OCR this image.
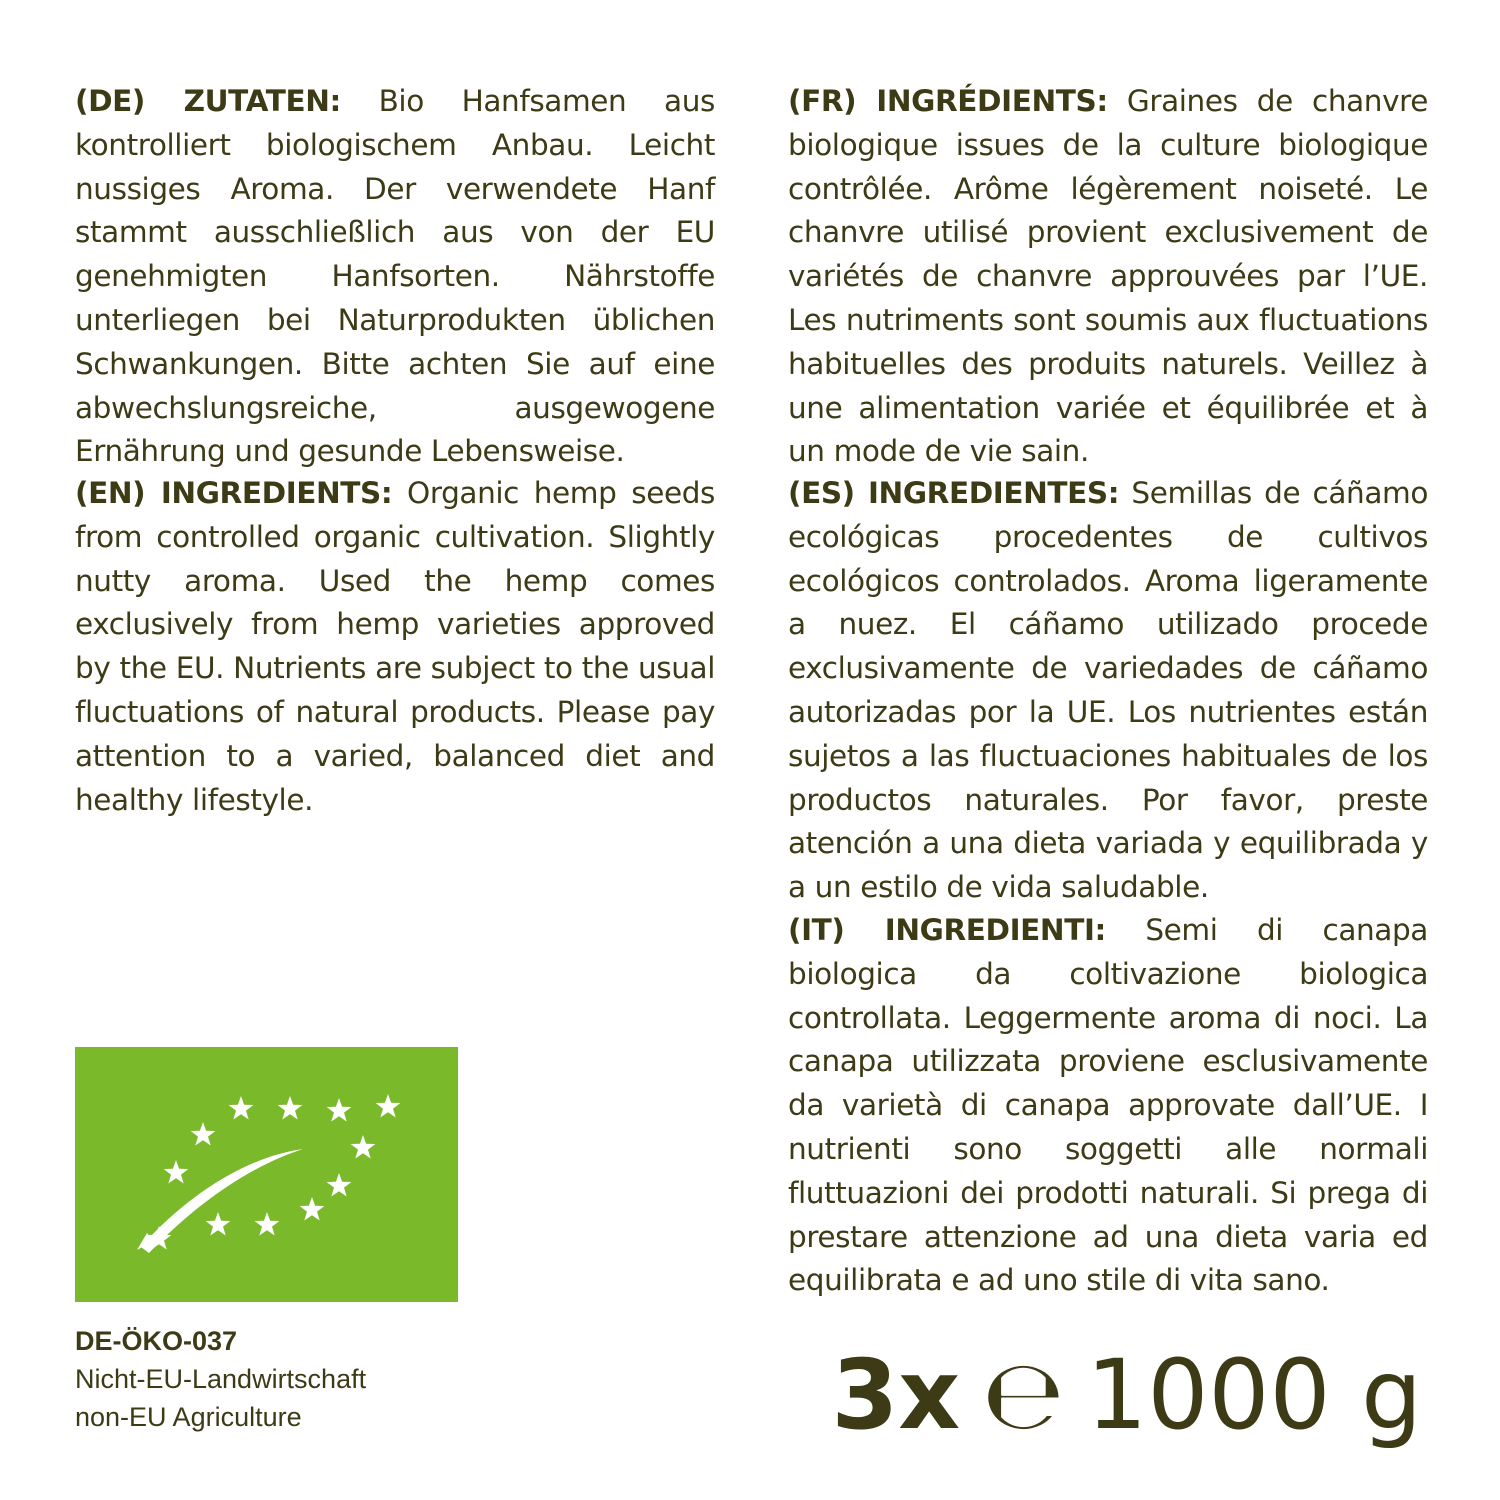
(DE) ZUTATEN: Bio Hanfsamen aus kontrolliert biologischem Anbau. Leicht nussiges Aroma. Der verwendete Hanf stammt ausschließlich aus von der EU genehmigten Hanfsorten. Nährstoffe unterliegen bei Naturprodukten üblichen Schwankungen. Bitte achten Sie auf eine abwechslungsreiche, ausgewogene Ernährung und gesunde Lebensweise.
(EN) INGREDIENTS: Organic hemp seeds from controlled organic cultivation. Slightly nutty aroma. Used the hemp comes exclusively from hemp varieties approved by the EU. Nutrients are subject to the usual fluctuations of natural products. Please pay attention to a varied, balanced diet and healthy lifestyle.
(FR) INGRÉDIENTS: Graines de chanvre biologique issues de la culture biologique contrôlée. Arôme légèrement noiseté. Le chanvre utilisé provient exclusivement de variétés de chanvre approuvées par l’UE. Les nutriments sont soumis aux fluctuations habituelles des produits naturels. Veillez à une alimentation variée et équilibrée et à un mode de vie sain.
(ES) INGREDIENTES: Semillas de cáñamo ecológicas procedentes de cultivos ecológicos controlados. Aroma ligeramente a nuez. El cáñamo utilizado procede exclusivamente de variedades de cáñamo autorizadas por la UE. Los nutrientes están sujetos a las fluctuaciones habituales de los productos naturales. Por favor, preste atención a una dieta variada y equilibrada y a un estilo de vida saludable.
(IT) INGREDIENTI: Semi di canapa biologica da coltivazione biologica controllata. Leggermente aroma di noci. La canapa utilizzata proviene esclusivamente da varietà di canapa approvate dall’UE. I nutrienti sono soggetti alle normali fluttuazioni dei prodotti naturali. Si prega di prestare attenzione ad una dieta varia ed equilibrata e ad uno stile di vita sano.
DE-ÖKO-037
Nicht-EU-Landwirtschaft
non-EU Agriculture	3x ℮ 1000 g
